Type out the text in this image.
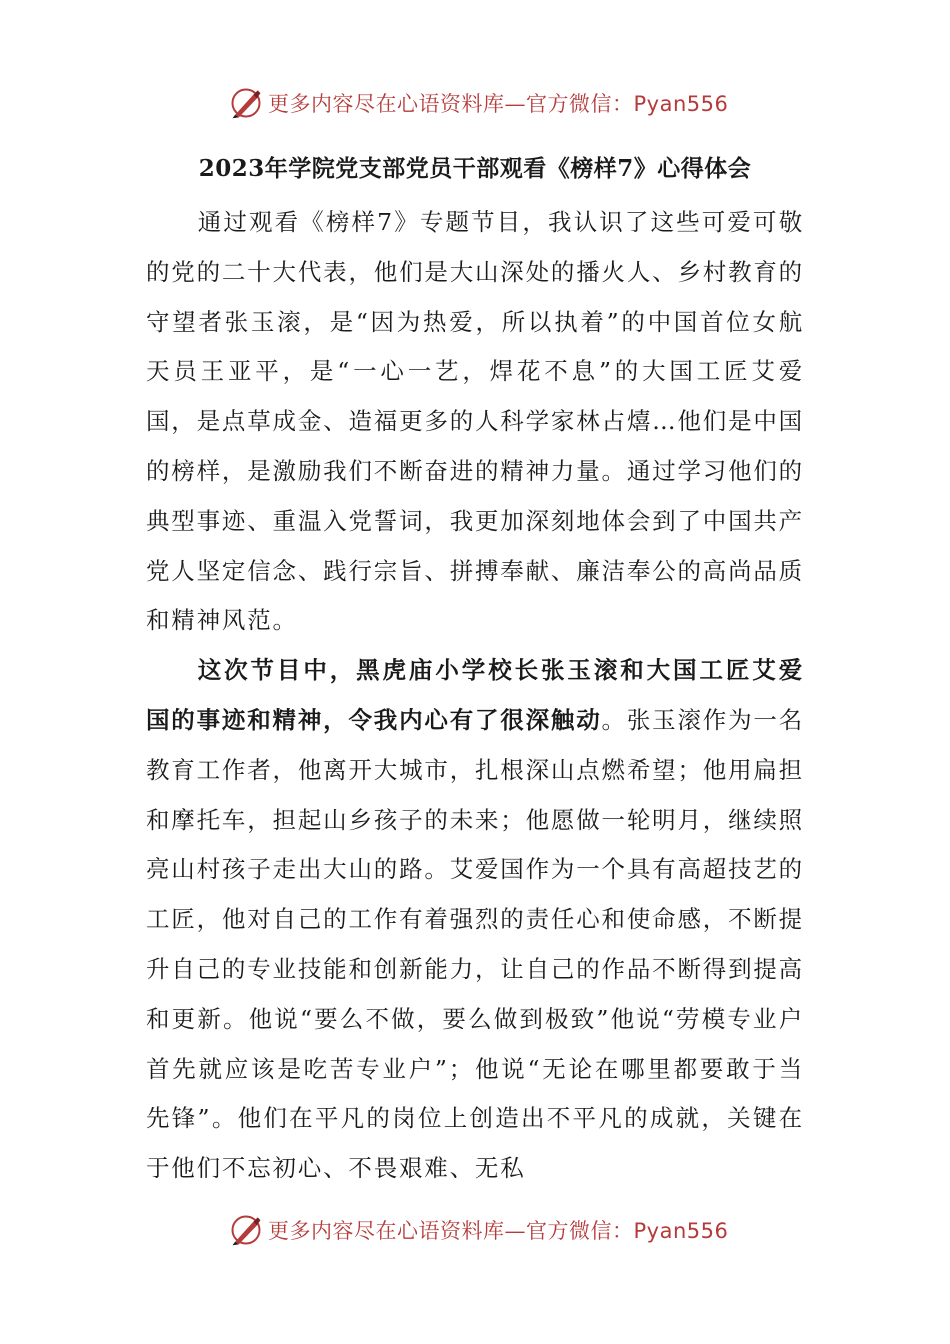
更多内容尽在心语资料库—官方微信：Pyan556
2023年学院党支部党员干部观看《榜样7》心得体会

通过观看《榜样7》专题节目，我认识了这些可爱可敬的党的二十大代表，他们是大山深处的播火人、乡村教育的守望者张玉滚，是“因为热爱，所以执着”的中国首位女航天员王亚平，是“一心一艺，焊花不息”的大国工匠艾爱国，是点草成金、造福更多的人科学家林占熺…他们是中国的榜样，是激励我们不断奋进的精神力量。通过学习他们的典型事迹、重温入党誓词，我更加深刻地体会到了中国共产党人坚定信念、践行宗旨、拼搏奉献、廉洁奉公的高尚品质和精神风范。

这次节目中，黑虎庙小学校长张玉滚和大国工匠艾爱国的事迹和精神，令我内心有了很深触动。张玉滚作为一名教育工作者，他离开大城市，扎根深山点燃希望；他用扁担和摩托车，担起山乡孩子的未来；他愿做一轮明月，继续照亮山村孩子走出大山的路。艾爱国作为一个具有高超技艺的工匠，他对自己的工作有着强烈的责任心和使命感，不断提升自己的专业技能和创新能力，让自己的作品不断得到提高和更新。他说“要么不做，要么做到极致”他说“劳模专业户首先就应该是吃苦专业户”；他说“无论在哪里都要敢于当先锋”。他们在平凡的岗位上创造出不平凡的成就，关键在于他们不忘初心、不畏艰难、无私

更多内容尽在心语资料库—官方微信：Pyan556
